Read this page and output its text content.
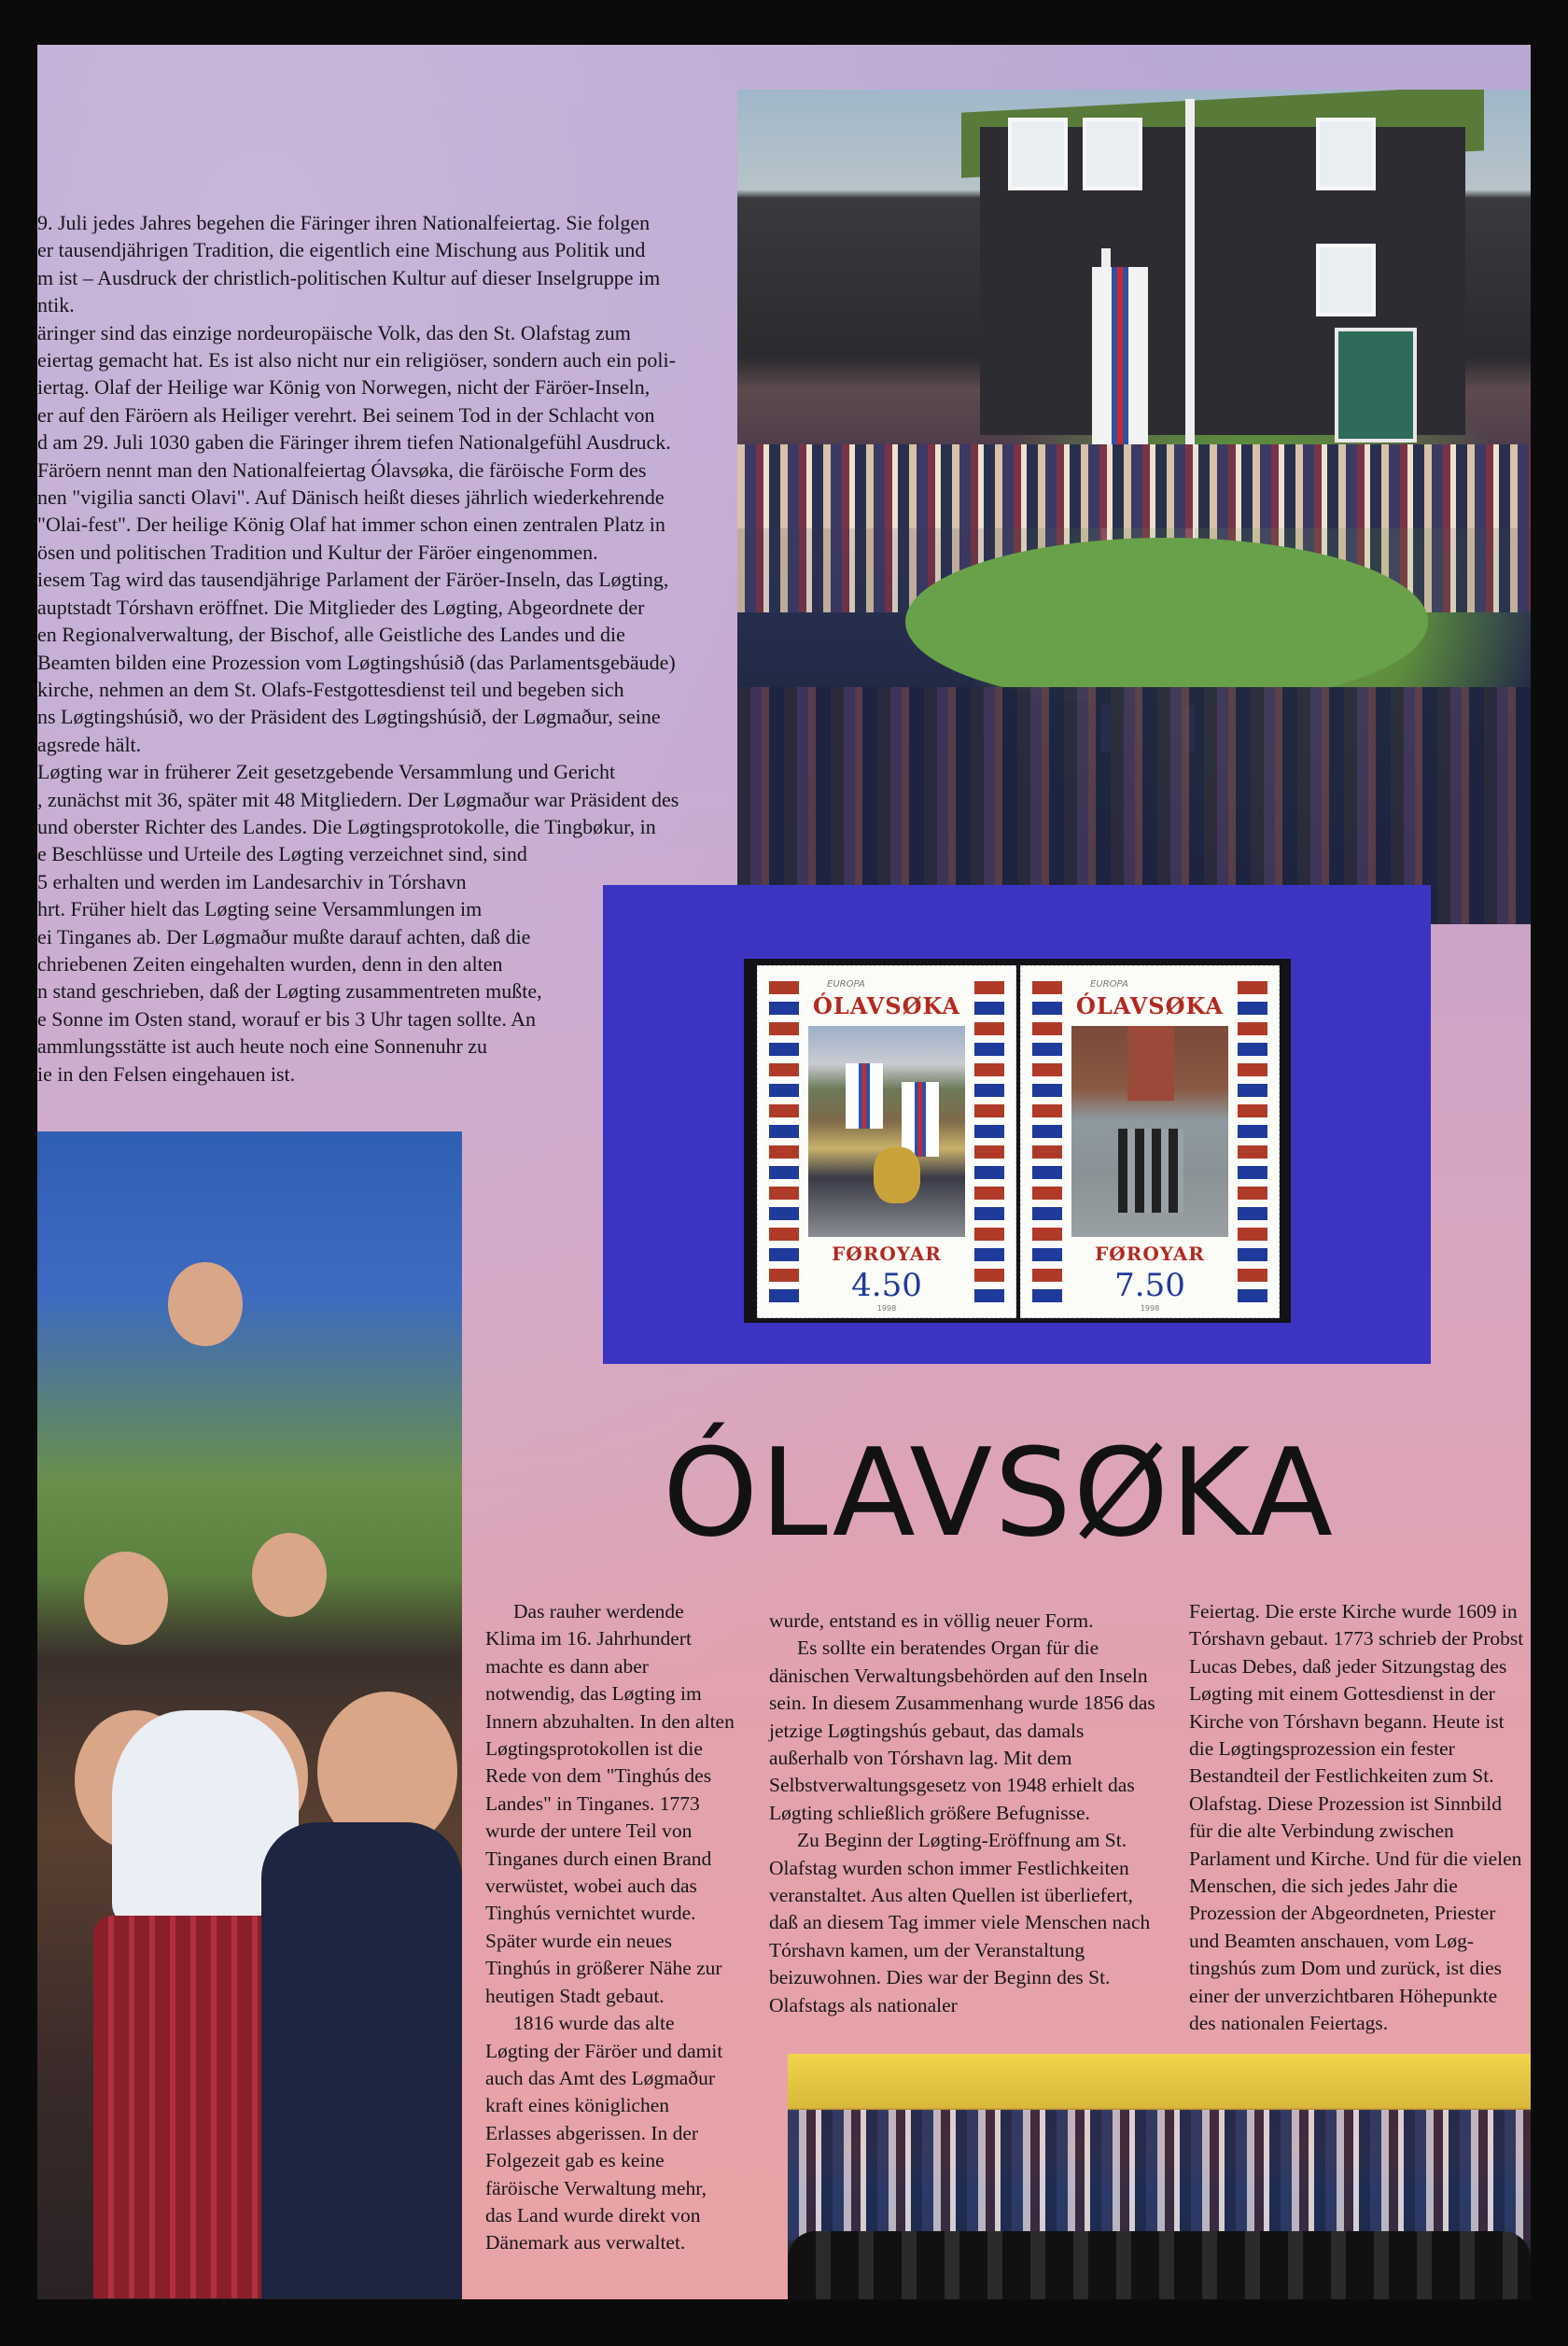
9. Juli jedes Jahres begehen die Färinger ihren Nationalfeiertag. Sie folgen

er tausendjährigen Tradition, die eigentlich eine Mischung aus Politik und

m ist – Ausdruck der christlich-politischen Kultur auf dieser Inselgruppe im

ntik.

äringer sind das einzige nordeuropäische Volk, das den St. Olafstag zum

eiertag gemacht hat. Es ist also nicht nur ein religiöser, sondern auch ein poli-

iertag. Olaf der Heilige war König von Norwegen, nicht der Färöer-Inseln,

er auf den Färöern als Heiliger verehrt. Bei seinem Tod in der Schlacht von

d am 29. Juli 1030 gaben die Färinger ihrem tiefen Nationalgefühl Ausdruck.

Färöern nennt man den Nationalfeiertag Ólavsøka, die färöische Form des

nen "vigilia sancti Olavi". Auf Dänisch heißt dieses jährlich wiederkehrende

"Olai-fest". Der heilige König Olaf hat immer schon einen zentralen Platz in

ösen und politischen Tradition und Kultur der Färöer eingenommen.

iesem Tag wird das tausendjährige Parlament der Färöer-Inseln, das Løgting,

auptstadt Tórshavn eröffnet. Die Mitglieder des Løgting, Abgeordnete der

en Regionalverwaltung, der Bischof, alle Geistliche des Landes und die

Beamten bilden eine Prozession vom Løgtingshúsið (das Parlamentsgebäude)

kirche, nehmen an dem St. Olafs-Festgottesdienst teil und begeben sich

ns Løgtingshúsið, wo der Präsident des Løgtingshúsið, der Løgmaður, seine

agsrede hält.

Løgting war in früherer Zeit gesetzgebende Versammlung und Gericht

, zunächst mit 36, später mit 48 Mitgliedern. Der Løgmaður war Präsident des

und oberster Richter des Landes. Die Løgtingsprotokolle, die Tingbøkur, in

e Beschlüsse und Urteile des Løgting verzeichnet sind, sind

5 erhalten und werden im Landesarchiv in Tórshavn

hrt. Früher hielt das Løgting seine Versammlungen im

ei Tinganes ab. Der Løgmaður mußte darauf achten, daß die

chriebenen Zeiten eingehalten wurden, denn in den alten

n stand geschrieben, daß der Løgting zusammentreten mußte,

e Sonne im Osten stand, worauf er bis 3 Uhr tagen sollte. An

ammlungsstätte ist auch heute noch eine Sonnenuhr zu

ie in den Felsen eingehauen ist.

EUROPA
ÓLAVSØKA
FØROYAR
4.50
1998
EUROPA
ÓLAVSØKA
FØROYAR
7.50
1998
ÓLAVSØKA

Das rauher werdende Klima im 16. Jahrhundert machte es dann aber notwendig, das Løgting im Innern abzuhalten. In den alten Løgtingsprotokollen ist die Rede von dem "Tinghús des Landes" in Tinganes. 1773 wurde der untere Teil von Tinganes durch einen Brand verwüstet, wobei auch das Tinghús vernichtet wurde. Später wurde ein neues Tinghús in größerer Nähe zur heutigen Stadt gebaut.

1816 wurde das alte Løgting der Färöer und damit auch das Amt des Løgmaður kraft eines königlichen Erlasses abgerissen. In der Folgezeit gab es keine färöische Verwaltung mehr, das Land wurde direkt von Dänemark aus verwaltet.

wurde, entstand es in völlig neuer Form.

Es sollte ein beratendes Organ für die dänischen Verwaltungsbehörden auf den Inseln sein. In diesem Zusammenhang wurde 1856 das jetzige Løgtingshús gebaut, das damals außerhalb von Tórshavn lag. Mit dem Selbstverwaltungsgesetz von 1948 erhielt das Løgting schließlich größere Befugnisse.

Zu Beginn der Løgting-Eröffnung am St. Olafstag wurden schon immer Festlichkeiten veranstaltet. Aus alten Quellen ist überliefert, daß an diesem Tag immer viele Menschen nach Tórshavn kamen, um der Veranstaltung beizuwohnen. Dies war der Beginn des St. Olafstags als nationaler

Feiertag. Die erste Kirche wurde 1609 in

Tórshavn gebaut. 1773 schrieb der Probst

Lucas Debes, daß jeder Sitzungstag des

Løgting mit einem Gottesdienst in der

Kirche von Tórshavn begann. Heute ist

die Løgtingsprozession ein fester

Bestandteil der Festlichkeiten zum St.

Olafstag. Diese Prozession ist Sinnbild

für die alte Verbindung zwischen

Parlament und Kirche. Und für die vielen

Menschen, die sich jedes Jahr die

Prozession der Abgeordneten, Priester

und Beamten anschauen, vom Løg-

tingshús zum Dom und zurück, ist dies

einer der unverzichtbaren Höhepunkte

des nationalen Feiertags.
